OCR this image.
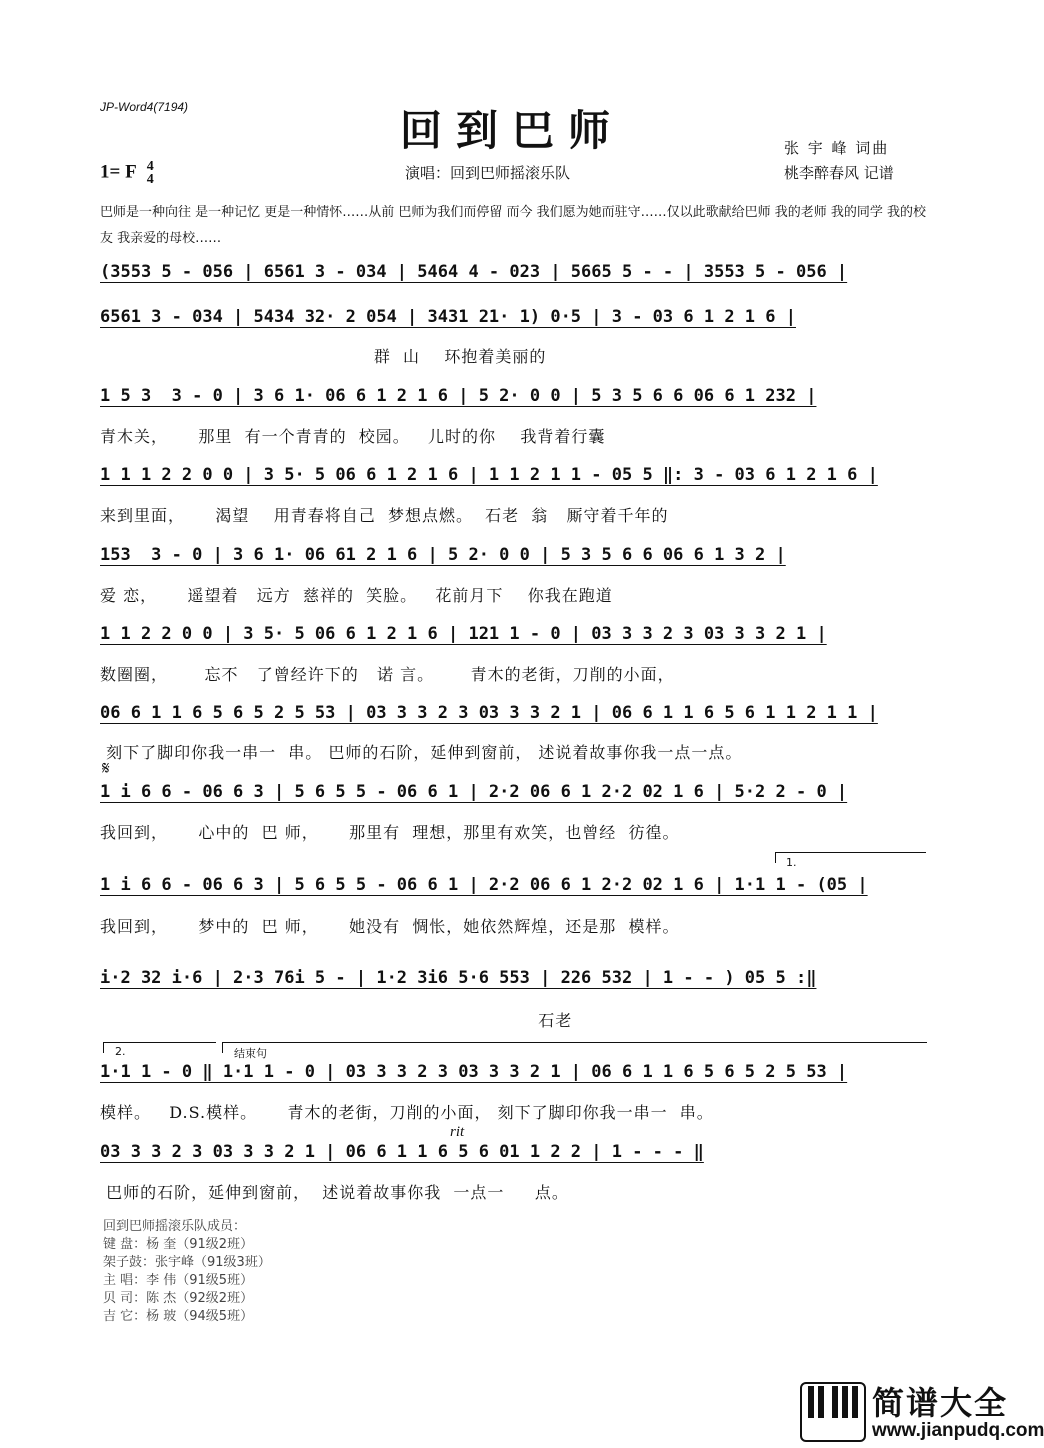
JP-Word4(7194)	回到巴师
1= F 4
4	演唱：回到巴师摇滚乐队
张 宇 峰 词曲
桃李醉春风 记谱
巴师是一种向往 是一种记忆 更是一种情怀……从前 巴师为我们而停留 而今 我们愿为她而驻守……仅以此歌献给巴师 我的老师 我的同学 我的校友 我亲爱的母校……
(3553 5 - 056 | 6561 3 - 034 | 5464 4 - 023 | 5665 5 - - | 3553 5 - 056 |
6561 3 - 034 | 5434 32· 2 054 | 3431 21· 1) 0·5 | 3 - 03 6 1 2 1 6 |
群  山    环抱着美丽的
1 5 3  3 - 0 | 3 6 1· 06 6 1 2 1 6 | 5 2· 0 0 | 5 3 5 6 6 06 6 1 232 |
青木关，     那里  有一个青青的  校园。   儿时的你    我背着行囊
1 1 1 2 2 0 0 | 3 5· 5 06 6 1 2 1 6 | 1 1 2 1 1 - 05 5 ‖: 3 - 03 6 1 2 1 6 |
来到里面，     渴望    用青春将自己  梦想点燃。  石老  翁   厮守着千年的
153  3 - 0 | 3 6 1· 06 61 2 1 6 | 5 2· 0 0 | 5 3 5 6 6 06 6 1 3 2 |
爱 恋，     遥望着   远方  慈祥的  笑脸。   花前月下    你我在跑道
1 1 2 2 0 0 | 3 5· 5 06 6 1 2 1 6 | 121 1 - 0 | 03 3 3 2 3 03 3 3 2 1 |
数圈圈，      忘不   了曾经许下的   诺 言。      青木的老街，刀削的小面，
06 6 1 1 6 5 6 5 2 5 53 | 03 3 3 2 3 03 3 3 2 1 | 06 6 1 1 6 5 6 1 1 2 1 1 |
刻下了脚印你我一串一  串。 巴师的石阶，延伸到窗前， 述说着故事你我一点一点。
𝄋
1 i 6 6 - 06 6 3 | 5 6 5 5 - 06 6 1 | 2·2 06 6 1 2·2 02 1 6 | 5·2 2 - 0 |
我回到，     心中的  巴 师，     那里有  理想，那里有欢笑，也曾经  彷徨。
1.
1 i 6 6 - 06 6 3 | 5 6 5 5 - 06 6 1 | 2·2 06 6 1 2·2 02 1 6 | 1·1 1 - (05 |
我回到，     梦中的  巴 师，     她没有  惆怅，她依然辉煌，还是那  模样。
i·2 32 i·6 | 2·3 76i 5 - | 1·2 3i6 5·6 553 | 226 532 | 1 - - ) 05 5 :‖
石老
2.	结束句
1·1 1 - 0 ‖ 1·1 1 - 0 | 03 3 3 2 3 03 3 3 2 1 | 06 6 1 1 6 5 6 5 2 5 53 |
模样。   D.S.模样。     青木的老街，刀削的小面， 刻下了脚印你我一串一  串。
rit
03 3 3 2 3 03 3 3 2 1 | 06 6 1 1 6 5 6 01 1 2 2 | 1 - - - ‖
巴师的石阶，延伸到窗前，  述说着故事你我  一点一     点。
回到巴师摇滚乐队成员：
键 盘：杨 奎（91级2班）
架子鼓：张宇峰（91级3班）
主 唱：李 伟（91级5班）
贝 司：陈 杰（92级2班）
吉 它：杨 玻（94级5班）
简谱大全
www.jianpudq.com
